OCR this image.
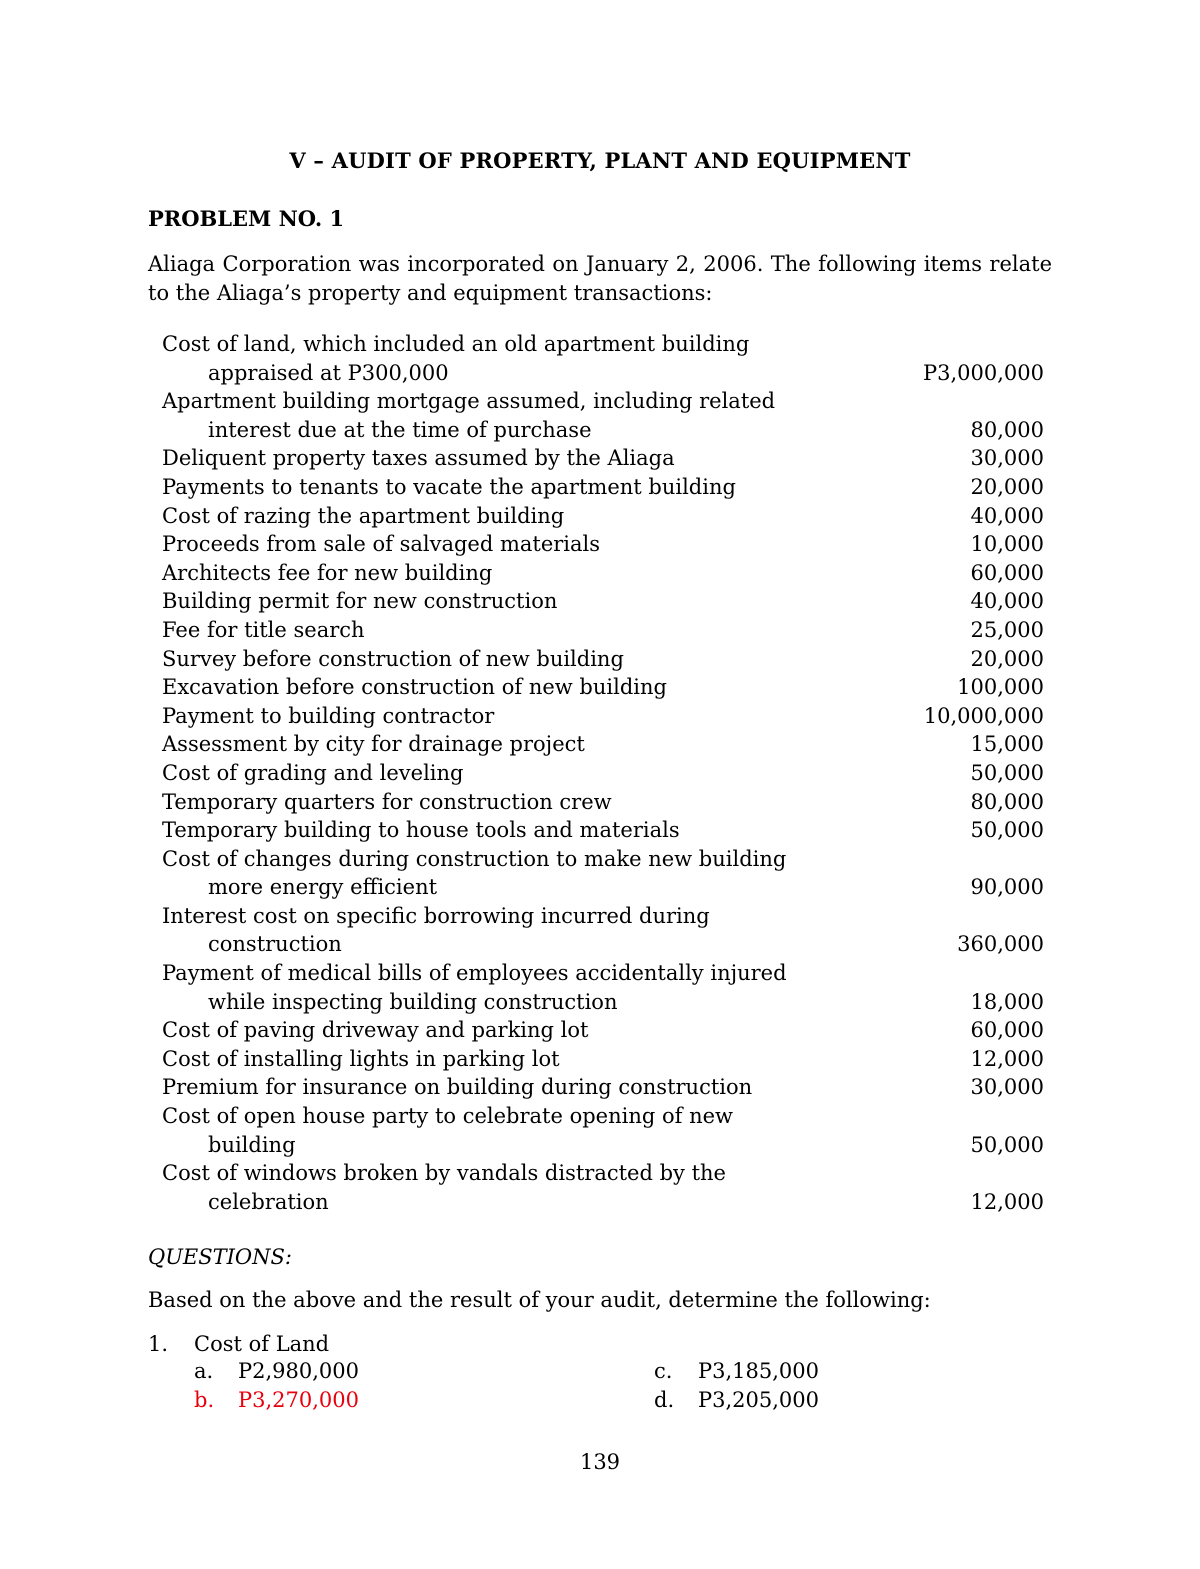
V – AUDIT OF PROPERTY, PLANT AND EQUIPMENT
PROBLEM NO. 1
Aliaga Corporation was incorporated on January 2, 2006. The following items relate to the Aliaga’s property and equipment transactions:
Cost of land, which included an old apartment building
appraised at P300,000	P3,000,000
Apartment building mortgage assumed, including related
interest due at the time of purchase	80,000
Deliquent property taxes assumed by the Aliaga	30,000
Payments to tenants to vacate the apartment building	20,000
Cost of razing the apartment building	40,000
Proceeds from sale of salvaged materials	10,000
Architects fee for new building	60,000
Building permit for new construction	40,000
Fee for title search	25,000
Survey before construction of new building	20,000
Excavation before construction of new building	100,000
Payment to building contractor	10,000,000
Assessment by city for drainage project	15,000
Cost of grading and leveling	50,000
Temporary quarters for construction crew	80,000
Temporary building to house tools and materials	50,000
Cost of changes during construction to make new building
more energy efficient	90,000
Interest cost on specific borrowing incurred during
construction	360,000
Payment of medical bills of employees accidentally injured
while inspecting building construction	18,000
Cost of paving driveway and parking lot	60,000
Cost of installing lights in parking lot	12,000
Premium for insurance on building during construction	30,000
Cost of open house party to celebrate opening of new
building	50,000
Cost of windows broken by vandals distracted by the
celebration	12,000
QUESTIONS:
Based on the above and the result of your audit, determine the following:
1. Cost of Land
a. P2,980,000
b. P3,270,000
c. P3,185,000
d. P3,205,000
139
